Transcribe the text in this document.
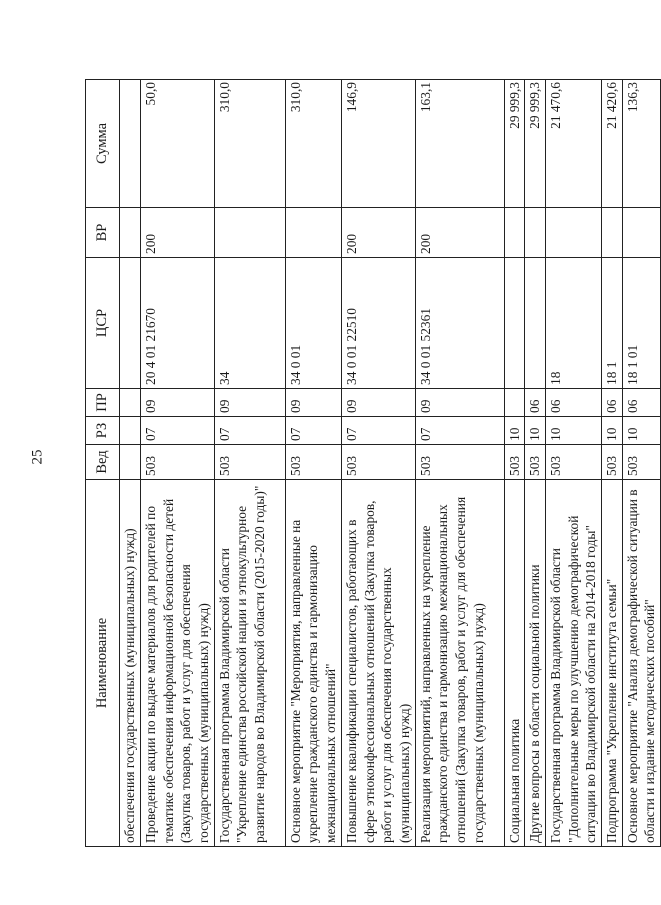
25
Наименование	Вед	РЗ	ПР	ЦСР	ВР	Сумма
обеспечения государственных (муниципальных) нужд)						
Проведение акции по выдаче материалов для родителей по тематике обеспечения информационной безопасности детей (Закупка товаров, работ и услуг для обеспечения государственных (муниципальных) нужд)	503	07	09	20 4 01 21670	200	50,0
Государственная программа Владимирской области "Укрепление единства российской нации и этнокультурное развитие народов во Владимирской области (2015-2020 годы)"	503	07	09	34		310,0
Основное мероприятие "Мероприятия, направленные на укрепление гражданского единства и гармонизацию межнациональных отношений"	503	07	09	34 0 01		310,0
Повышение квалификации специалистов, работающих в сфере этноконфессиональных отношений (Закупка товаров, работ и услуг для обеспечения государственных (муниципальных) нужд)	503	07	09	34 0 01 22510	200	146,9
Реализация мероприятий, направленных на укрепление гражданского единства и гармонизацию межнациональных отношений (Закупка товаров, работ и услуг для обеспечения государственных (муниципальных) нужд)	503	07	09	34 0 01 52361	200	163,1
Социальная политика	503	10				29 999,3
Другие вопросы в области социальной политики	503	10	06			29 999,3
Государственная программа Владимирской области "Дополнительные меры по улучшению демографической ситуации во Владимирской области на 2014-2018 годы"	503	10	06	18		21 470,6
Подпрограмма "Укрепление института семьи"	503	10	06	18 1		21 420,6
Основное мероприятие "Анализ демографической ситуации в области и издание методических пособий"	503	10	06	18 1 01		136,3
